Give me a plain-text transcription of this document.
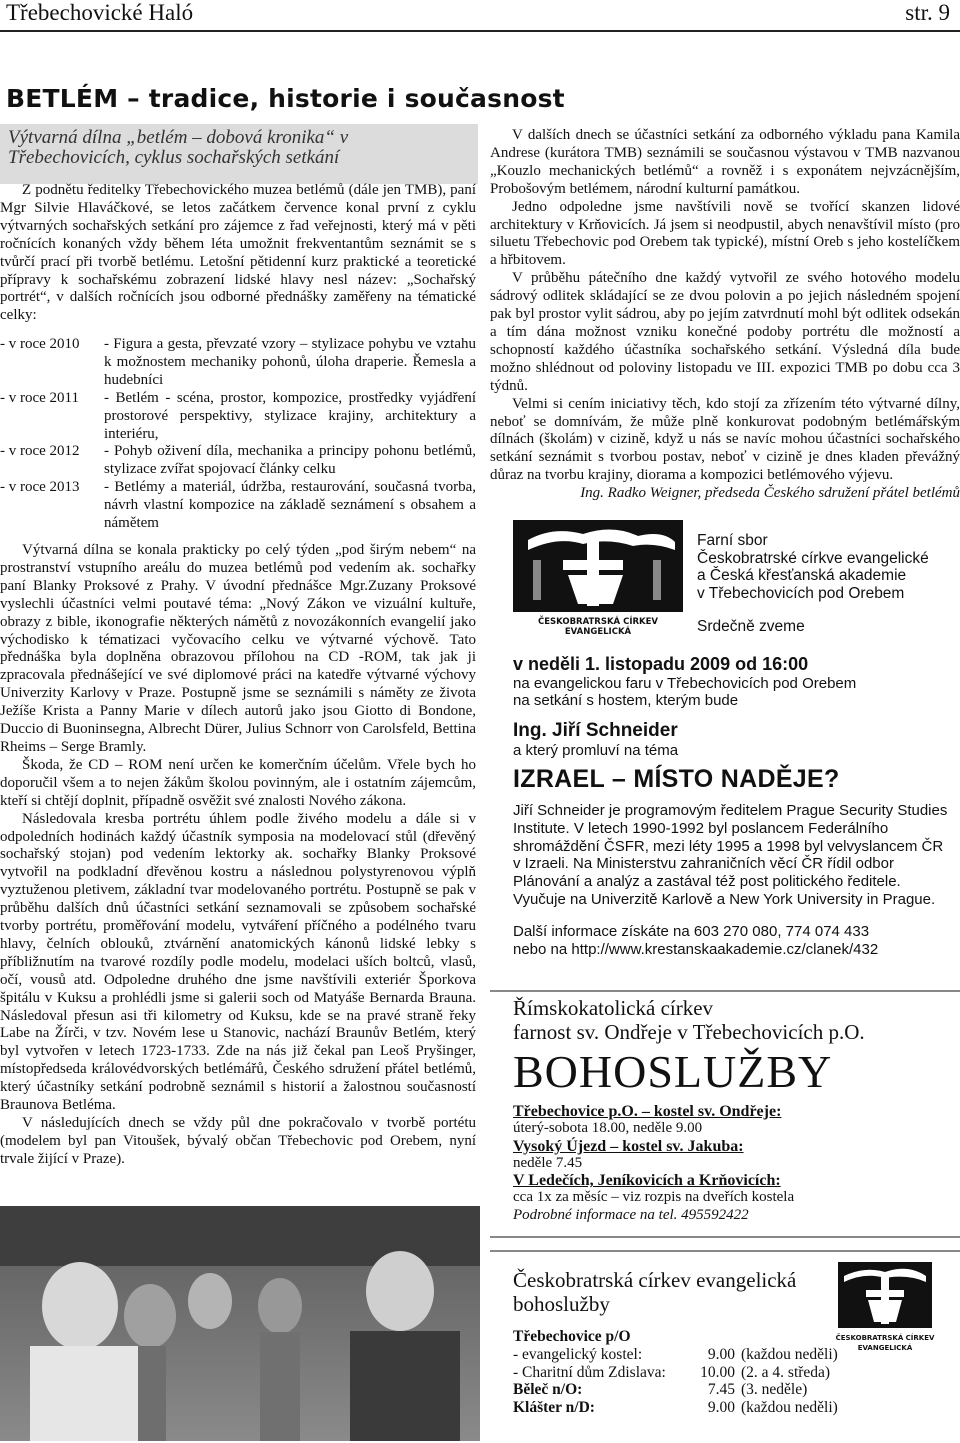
Třebechovické Haló	str. 9
BETLÉM – tradice, historie i současnost
Výtvarná dílna „betlém – dobová kronika“ v Třebechovicích, cyklus sochařských setkání

Z podnětu ředitelky Třebechovického muzea betlémů (dále jen TMB), paní Mgr Silvie Hlaváčkové, se letos začátkem července konal první z cyklu výtvarných sochařských setkání pro zájemce z řad veřejnosti, který má v pěti ročnících konaných vždy během léta umožnit frekventantům seznámit se s tvůrčí prací při tvorbě betlému. Letošní pětidenní kurz praktické a teoretické přípravy k sochařskému zobrazení lidské hlavy nesl název: „Sochařský portrét“, v dalších ročnících jsou odborné přednášky zaměřeny na tématické celky:

- v roce 2010	- Figura a gesta, převzaté vzory – stylizace pohybu ve vztahu k možnostem mechaniky pohonů, úloha draperie. Řemesla a hudebníci
- v roce 2011	- Betlém - scéna, prostor, kompozice, prostředky vyjádření prostorové perspektivy, stylizace krajiny, architektury a interiéru,
- v roce 2012	- Pohyb oživení díla, mechanika a principy pohonu betlémů, stylizace zvířat spojovací články celku
- v roce 2013	- Betlémy a materiál, údržba, restaurování, současná tvorba, návrh vlastní kompozice na základě seznámení s obsahem a námětem

Výtvarná dílna se konala prakticky po celý týden „pod širým nebem“ na prostranství vstupního areálu do muzea betlémů pod vedením ak. sochařky paní Blanky Proksové z Prahy. V úvodní přednášce Mgr.Zuzany Proksové vyslechli účastníci velmi poutavé téma: „Nový Zákon ve vizuální kultuře, obrazy z bible, ikonografie některých námětů z novozákonních evangelií jako východisko k tématizaci vyčovacího celku ve výtvarné výchově. Tato přednáška byla doplněna obrazovou přílohou na CD -ROM, tak jak ji zpracovala přednášející ve své diplomové práci na katedře výtvarné výchovy Univerzity Karlovy v Praze. Postupně jsme se seznámili s náměty ze života Ježíše Krista a Panny Marie v dílech autorů jako jsou Giotto di Bondone, Duccio di Buoninsegna, Albrecht Dürer, Julius Schnorr von Carolsfeld, Bettina Rheims – Serge Bramly.

Škoda, že CD – ROM není určen ke komerčním účelům. Vřele bych ho doporučil všem a to nejen žákům školou povinným, ale i ostatním zájemcům, kteří si chtějí doplnit, případně osvěžit své znalosti Nového zákona.

Následovala kresba portrétu úhlem podle živého modelu a dále si v odpoledních hodinách každý účastník symposia na modelovací stůl (dřevěný sochařský stojan) pod vedením lektorky ak. sochařky Blanky Proksové vytvořil na podkladní dřevěnou kostru a následnou polystyrenovou výplň vyztuženou pletivem, základní tvar modelovaného portrétu. Postupně se pak v průběhu dalších dnů účastníci setkání seznamovali se způsobem sochařské tvorby portrétu, proměřování modelu, vytváření příčného a podélného tvaru hlavy, čelních oblouků, ztvárnění anatomických kánonů lidské lebky s příbližnutím na tvarové rozdíly podle modelu, modelaci uších boltců, vlasů, očí, vousů atd. Odpoledne druhého dne jsme navštívili exteriér Šporkova špitálu v Kuksu a prohlédli jsme si galerii soch od Matyáše Bernarda Brauna. Následoval přesun asi tři kilometry od Kuksu, kde se na pravé straně řeky Labe na Žírči, v tzv. Novém lese u Stanovic, nachází Braunův Betlém, který byl vytvořen v letech 1723-1733. Zde na nás již čekal pan Leoš Pryšinger, místopředseda královédvorských betlémářů, Českého sdružení přátel betlémů, který účastníky setkání podrobně seznámil s historií a žalostnou současností Braunova Betléma.

V následujících dnech se vždy půl dne pokračovalo v tvorbě portétu (modelem byl pan Vitoušek, bývalý občan Třebechovic pod Orebem, nyní trvale žijící v Praze).

V dalších dnech se účastníci setkání za odborného výkladu pana Kamila Andrese (kurátora TMB) seznámili se současnou výstavou v TMB nazvanou „Kouzlo mechanických betlémů“ a rovněž i s exponátem nejvzácnějším, Probošovým betlémem, národní kulturní památkou.

Jedno odpoledne jsme navštívili nově se tvořící skanzen lidové architektury v Krňovicích. Já jsem si neodpustil, abych nenavštívil místo (pro siluetu Třebechovic pod Orebem tak typické), místní Oreb s jeho kostelíčkem a hřbitovem.

V průběhu pátečního dne každý vytvořil ze svého hotového modelu sádrový odlitek skládající se ze dvou polovin a po jejich následném spojení pak byl prostor vylit sádrou, aby po jejím zatvrdnutí mohl být odlitek odsekán a tím dána možnost vzniku konečné podoby portrétu dle možností a schopností každého účastníka sochařského setkání. Výsledná díla bude možno shlédnout od poloviny listopadu ve III. expozici TMB po dobu cca 3 týdnů.

Velmi si cením iniciativy těch, kdo stojí za zřízením této výtvarné dílny, neboť se domnívám, že může plně konkurovat podobným betlémářským dílnách (školám) v cizině, když u nás se navíc mohou účastníci sochařského setkání seznámit s tvorbou postav, neboť v cizině je dnes kladen převážný důraz na tvorbu krajiny, diorama a kompozici betlémového výjevu.

Ing. Radko Weigner, předseda Českého sdružení přátel betlémů

ČESKOBRATRSKÁ CÍRKEV
EVANGELICKÁ
Farní sbor
Českobratrské církve evangelické
a Česká křesťanská akademie
v Třebechovicích pod Orebem
Srdečně zveme
v neděli 1. listopadu 2009 od 16:00
na evangelickou faru v Třebechovicích pod Orebem
na setkání s hostem, kterým bude
Ing. Jiří Schneider
a který promluví na téma
IZRAEL – MÍSTO NADĚJE?
Jiří Schneider je programovým ředitelem Prague Security Studies Institute. V letech 1990-1992 byl poslancem Federálního shromáždění ČSFR, mezi léty 1995 a 1998 byl velvyslancem ČR v Izraeli. Na Ministerstvu zahraničních věcí ČR řídil odbor Plánování a analýz a zastával též post politického ředitele. Vyučuje na Univerzitě Karlově a New York University in Prague.
Další informace získáte na 603 270 080, 774 074 433
nebo na http://www.krestanskaakademie.cz/clanek/432
Římskokatolická církev
farnost sv. Ondřeje v Třebechovicích p.O.
BOHOSLUŽBY
Třebechovice p.O. – kostel sv. Ondřeje:
úterý-sobota 18.00, neděle 9.00
Vysoký Újezd – kostel sv. Jakuba:
neděle 7.45
V Ledečích, Jeníkovicích a Krňovicích:
cca 1x za měsíc – viz rozpis na dveřích kostela
Podrobné informace na tel. 495592422
Českobratrská církev evangelická
bohoslužby
ČESKOBRATRSKÁ CÍRKEV
EVANGELICKÁ
Třebechovice p/O
- evangelický kostel:	9.00 (každou neděli)
- Charitní dům Zdislava:	10.00 (2. a 4. středa)
Běleč n/O:	7.45 (3. neděle)
Klášter n/D:	9.00 (každou neděli)
